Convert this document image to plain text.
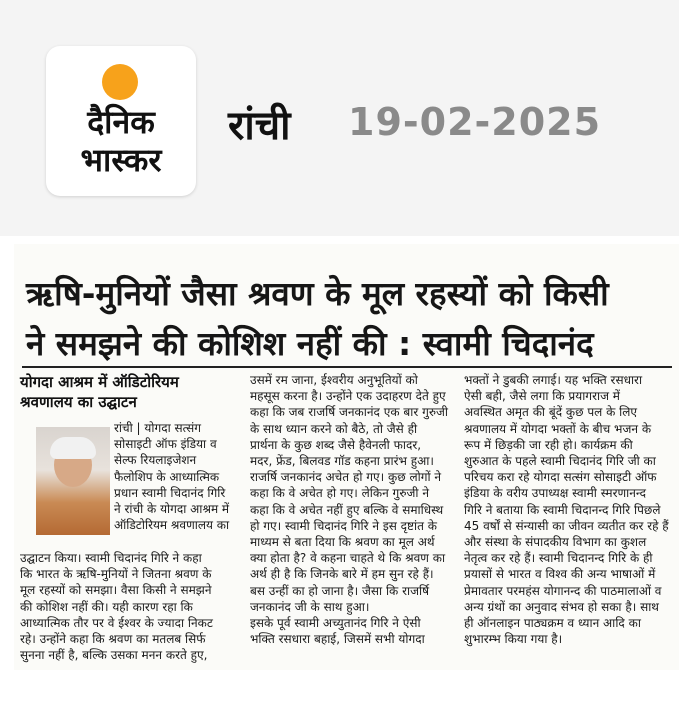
दैनिक
भास्कर
रांची 19-02-2025
ऋषि-मुनियों जैसा श्रवण के मूल रहस्यों को किसी
ने समझने की कोशिश नहीं की : स्वामी चिदानंद
योगदा आश्रम में ऑडिटोरियम
श्रवणालय का उद्घाटन

रांची | योगदा सत्संग

सोसाइटी ऑफ इंडिया व

सेल्फ रियलाइजेशन

फैलोशिप के आध्यात्मिक

प्रधान स्वामी चिदानंद गिरि

ने रांची के योगदा आश्रम में

ऑडिटोरियम श्रवणालय का

उद्घाटन किया। स्वामी चिदानंद गिरि ने कहा

कि भारत के ऋषि-मुनियों ने जितना श्रवण के

मूल रहस्यों को समझा। वैसा किसी ने समझने

की कोशिश नहीं की। यही कारण रहा कि

आध्यात्मिक तौर पर वे ईश्वर के ज्यादा निकट

रहे। उन्होंने कहा कि श्रवण का मतलब सिर्फ

सुनना नहीं है, बल्कि उसका मनन करते हुए,

उसमें रम जाना, ईश्वरीय अनुभूतियों को

महसूस करना है। उन्होंने एक उदाहरण देते हुए

कहा कि जब राजर्षि जनकानंद एक बार गुरुजी

के साथ ध्यान करने को बैठे, तो जैसे ही

प्रार्थना के कुछ शब्द जैसे हैवेनली फादर,

मदर, फ्रेंड, बिलवड गॉड कहना प्रारंभ हुआ।

राजर्षि जनकानंद अचेत हो गए। कुछ लोगों ने

कहा कि वे अचेत हो गए। लेकिन गुरुजी ने

कहा कि वे अचेत नहीं हुए बल्कि वे समाधिस्थ

हो गए। स्वामी चिदानंद गिरि ने इस दृष्टांत के

माध्यम से बता दिया कि श्रवण का मूल अर्थ

क्या होता है? वे कहना चाहते थे कि श्रवण का

अर्थ ही है कि जिनके बारे में हम सुन रहे हैं।

बस उन्हीं का हो जाना है। जैसा कि राजर्षि

जनकानंद जी के साथ हुआ।

इसके पूर्व स्वामी अच्युतानंद गिरि ने ऐसी

भक्ति रसधारा बहाई, जिसमें सभी योगदा

भक्तों ने डुबकी लगाई। यह भक्ति रसधारा

ऐसी बही, जैसे लगा कि प्रयागराज में

अवस्थित अमृत की बूंदें कुछ पल के लिए

श्रवणालय में योगदा भक्तों के बीच भजन के

रूप में छिड़की जा रही हो। कार्यक्रम की

शुरुआत के पहले स्वामी चिदानंद गिरि जी का

परिचय करा रहे योगदा सत्संग सोसाइटी ऑफ

इंडिया के वरीय उपाध्यक्ष स्वामी स्मरणानन्द

गिरि ने बताया कि स्वामी चिदानन्द गिरि पिछले

45 वर्षों से संन्यासी का जीवन व्यतीत कर रहे हैं

और संस्था के संपादकीय विभाग का कुशल

नेतृत्व कर रहे हैं। स्वामी चिदानन्द गिरि के ही

प्रयासों से भारत व विश्व की अन्य भाषाओं में

प्रेमावतार परमहंस योगानन्द की पाठमालाओं व

अन्य ग्रंथों का अनुवाद संभव हो सका है। साथ

ही ऑनलाइन पाठ्यक्रम व ध्यान आदि का

शुभारम्भ किया गया है।
